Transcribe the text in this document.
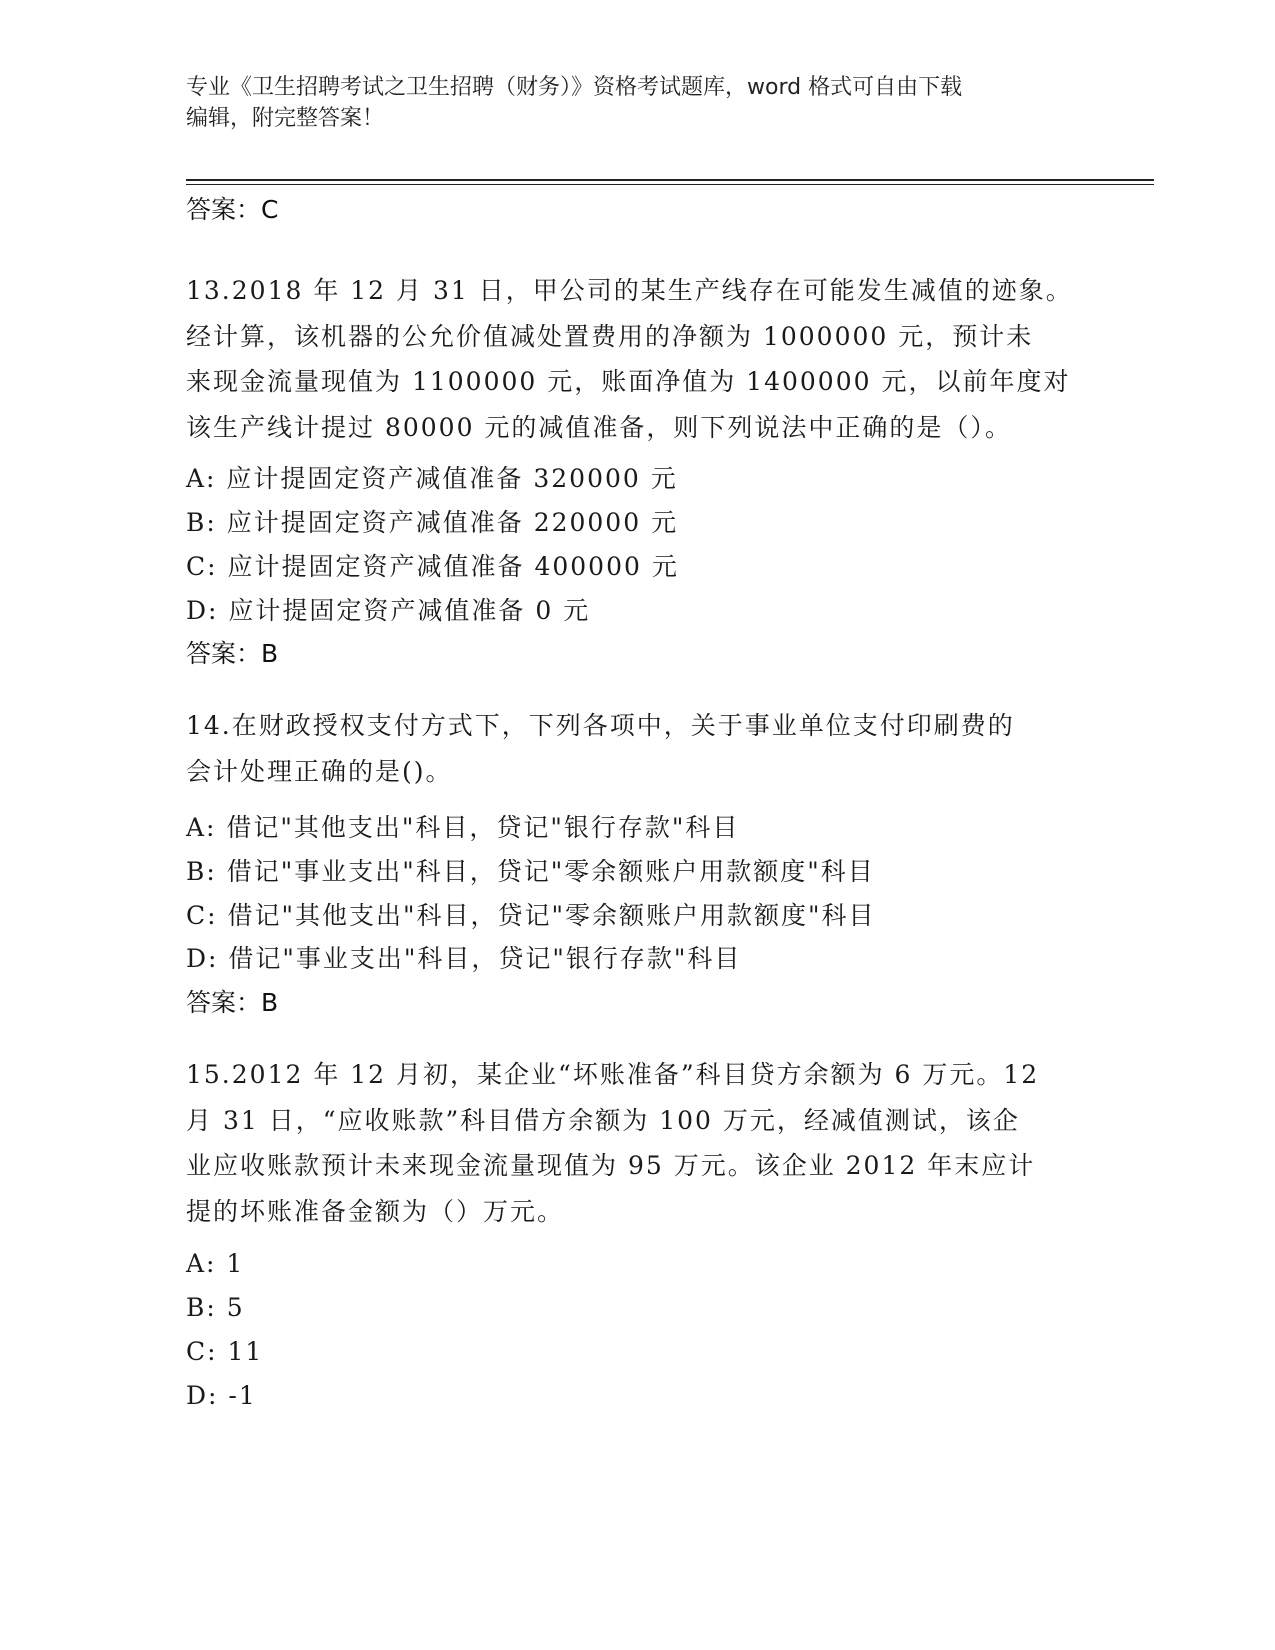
专业《卫生招聘考试之卫生招聘（财务）》资格考试题库，word 格式可自由下载
编辑，附完整答案！
答案：C
13.2018 年 12 月 31 日，甲公司的某生产线存在可能发生减值的迹象。
经计算，该机器的公允价值减处置费用的净额为 1000000 元，预计未
来现金流量现值为 1100000 元，账面净值为 1400000 元，以前年度对
该生产线计提过 80000 元的减值准备，则下列说法中正确的是（）。
A: 应计提固定资产减值准备 320000 元
B: 应计提固定资产减值准备 220000 元
C: 应计提固定资产减值准备 400000 元
D: 应计提固定资产减值准备 0 元
答案：B
14.在财政授权支付方式下，下列各项中，关于事业单位支付印刷费的
会计处理正确的是()。
A: 借记"其他支出"科目，贷记"银行存款"科目
B: 借记"事业支出"科目，贷记"零余额账户用款额度"科目
C: 借记"其他支出"科目，贷记"零余额账户用款额度"科目
D: 借记"事业支出"科目，贷记"银行存款"科目
答案：B
15.2012 年 12 月初，某企业“坏账准备”科目贷方余额为 6 万元。12
月 31 日，“应收账款”科目借方余额为 100 万元，经减值测试，该企
业应收账款预计未来现金流量现值为 95 万元。该企业 2012 年末应计
提的坏账准备金额为（）万元。
A: 1
B: 5
C: 11
D: -1
